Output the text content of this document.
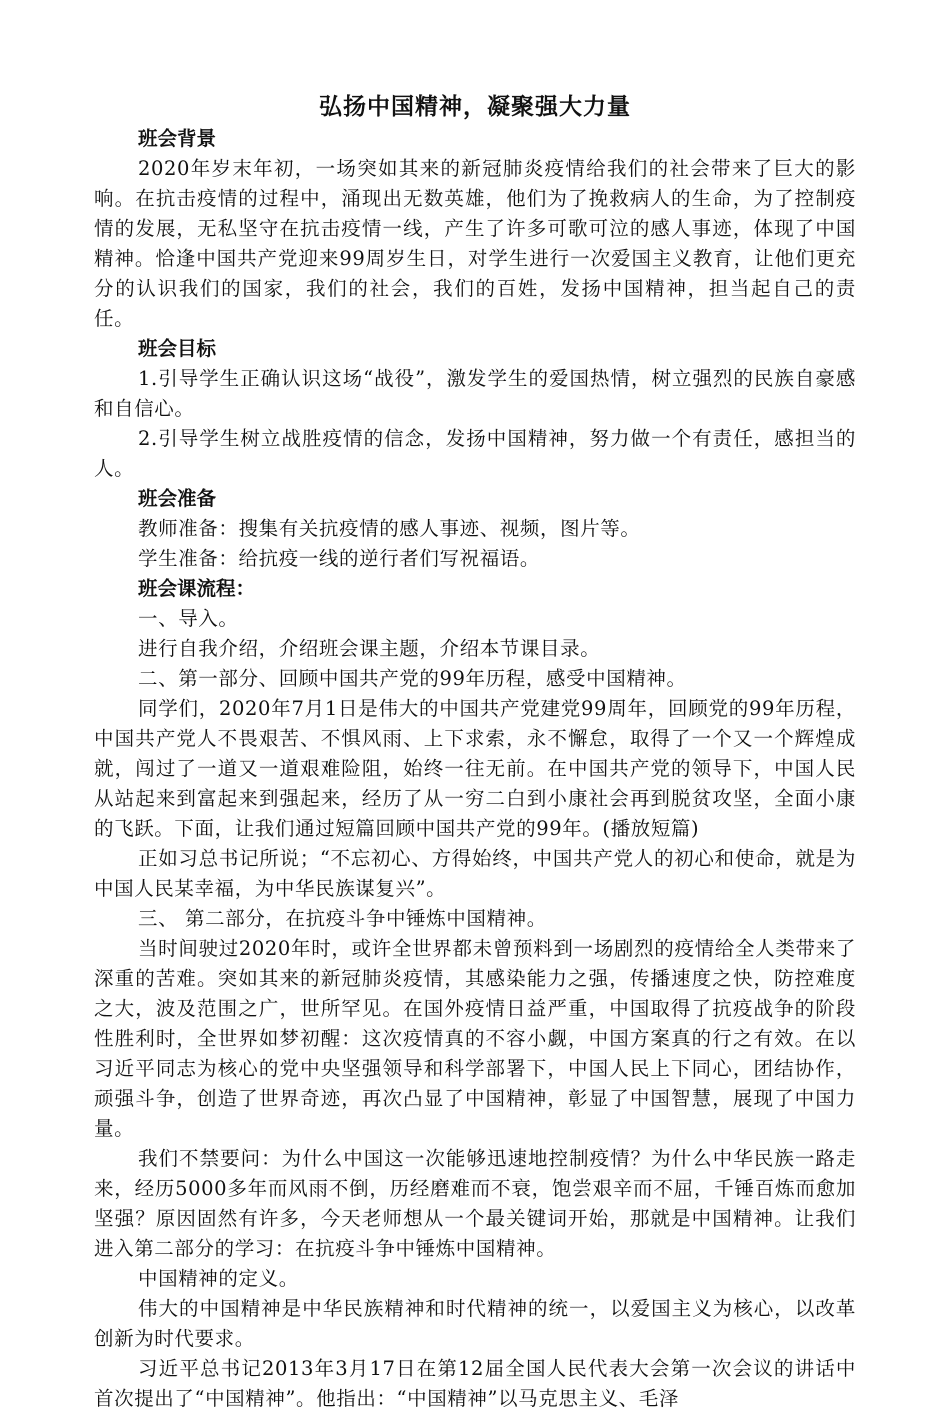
弘扬中国精神，凝聚强大力量
班会背景

2020年岁末年初，一场突如其来的新冠肺炎疫情给我们的社会带来了巨大的影响。在抗击疫情的过程中，涌现出无数英雄，他们为了挽救病人的生命，为了控制疫情的发展，无私坚守在抗击疫情一线，产生了许多可歌可泣的感人事迹，体现了中国精神。恰逢中国共产党迎来99周岁生日，对学生进行一次爱国主义教育，让他们更充分的认识我们的国家，我们的社会，我们的百姓，发扬中国精神，担当起自己的责任。

班会目标

1.引导学生正确认识这场“战役”，激发学生的爱国热情，树立强烈的民族自豪感和自信心。

2.引导学生树立战胜疫情的信念，发扬中国精神，努力做一个有责任，感担当的人。

班会准备

教师准备：搜集有关抗疫情的感人事迹、视频，图片等。

学生准备：给抗疫一线的逆行者们写祝福语。

班会课流程：

一、导入。

进行自我介绍，介绍班会课主题，介绍本节课目录。

二、第一部分、回顾中国共产党的99年历程，感受中国精神。

同学们，2020年7月1日是伟大的中国共产党建党99周年，回顾党的99年历程，中国共产党人不畏艰苦、不惧风雨、上下求索，永不懈怠，取得了一个又一个辉煌成就，闯过了一道又一道艰难险阻，始终一往无前。在中国共产党的领导下，中国人民从站起来到富起来到强起来，经历了从一穷二白到小康社会再到脱贫攻坚，全面小康的飞跃。下面，让我们通过短篇回顾中国共产党的99年。(播放短篇)

正如习总书记所说；“不忘初心、方得始终，中国共产党人的初心和使命，就是为中国人民某幸福，为中华民族谋复兴”。

三、 第二部分，在抗疫斗争中锤炼中国精神。

当时间驶过2020年时，或许全世界都未曾预料到一场剧烈的疫情给全人类带来了深重的苦难。突如其来的新冠肺炎疫情，其感染能力之强，传播速度之快，防控难度之大，波及范围之广，世所罕见。在国外疫情日益严重，中国取得了抗疫战争的阶段性胜利时，全世界如梦初醒：这次疫情真的不容小觑，中国方案真的行之有效。在以习近平同志为核心的党中央坚强领导和科学部署下，中国人民上下同心，团结协作，顽强斗争，创造了世界奇迹，再次凸显了中国精神，彰显了中国智慧，展现了中国力量。

我们不禁要问：为什么中国这一次能够迅速地控制疫情？为什么中华民族一路走来，经历5000多年而风雨不倒，历经磨难而不衰，饱尝艰辛而不屈，千锤百炼而愈加坚强？原因固然有许多，今天老师想从一个最关键词开始，那就是中国精神。让我们进入第二部分的学习：在抗疫斗争中锤炼中国精神。

中国精神的定义。

伟大的中国精神是中华民族精神和时代精神的统一，以爱国主义为核心，以改革创新为时代要求。

习近平总书记2013年3月17日在第12届全国人民代表大会第一次会议的讲话中首次提出了“中国精神”。他指出：“中国精神”以马克思主义、毛泽
